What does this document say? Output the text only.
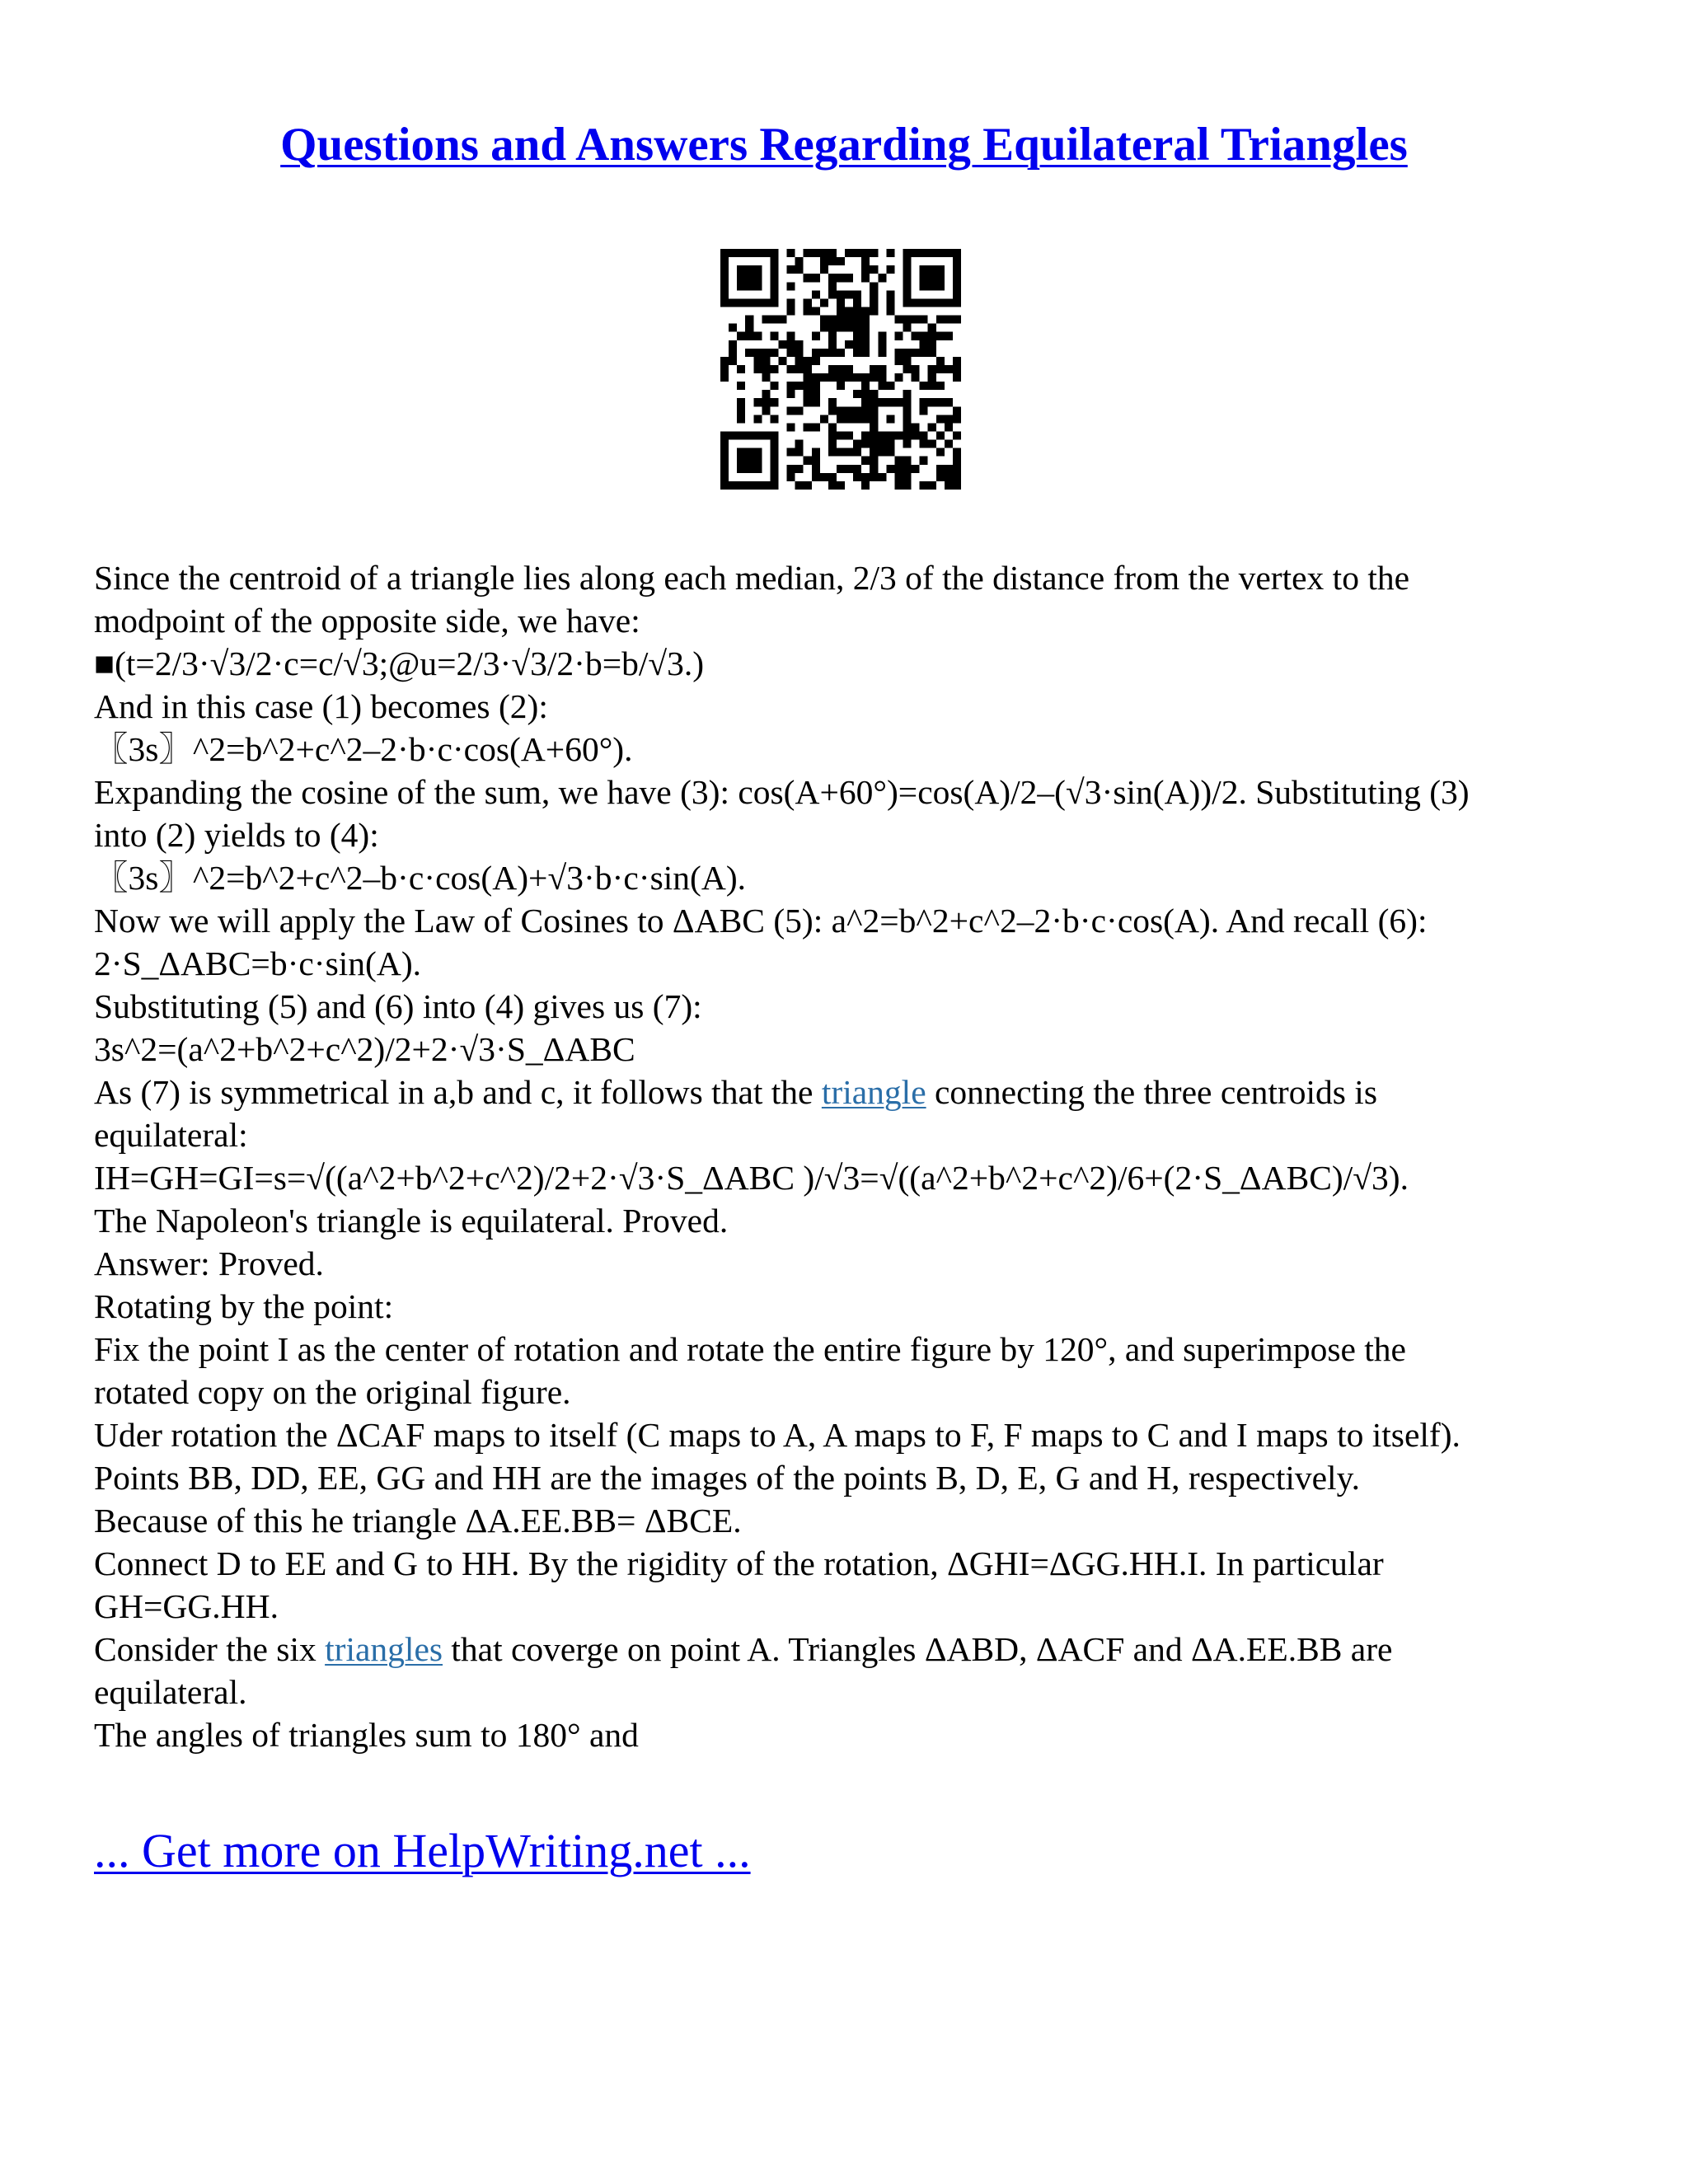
Questions and Answers Regarding Equilateral Triangles
Since the centroid of a triangle lies along each median, 2/3 of the distance from the vertex to the
modpoint of the opposite side, we have:
■(t=2/3·√3/2·c=c/√3;@u=2/3·√3/2·b=b/√3.)
And in this case (1) becomes (2):
〖3s〗^2=b^2+c^2–2·b·c·cos(A+60°).
Expanding the cosine of the sum, we have (3): cos(A+60°)=cos(A)/2–(√3·sin(A))/2. Substituting (3)
into (2) yields to (4):
〖3s〗^2=b^2+c^2–b·c·cos(A)+√3·b·c·sin(A).
Now we will apply the Law of Cosines to ΔABC (5): a^2=b^2+c^2–2·b·c·cos(A). And recall (6):
2·S_ΔABC=b·c·sin(A).
Substituting (5) and (6) into (4) gives us (7):
3s^2=(a^2+b^2+c^2)/2+2·√3·S_ΔABC
As (7) is symmetrical in a,b and c, it follows that the triangle connecting the three centroids is
equilateral:
IH=GH=GI=s=√((a^2+b^2+c^2)/2+2·√3·S_ΔABC )/√3=√((a^2+b^2+c^2)/6+(2·S_ΔABC)/√3).
The Napoleon's triangle is equilateral. Proved.
Answer: Proved.
Rotating by the point:
Fix the point I as the center of rotation and rotate the entire figure by 120°, and superimpose the
rotated copy on the original figure.
Uder rotation the ΔCAF maps to itself (C maps to A, A maps to F, F maps to C and I maps to itself).
Points BB, DD, EE, GG and HH are the images of the points B, D, E, G and H, respectively.
Because of this he triangle ΔA.EE.BB= ΔBCE.
Connect D to EE and G to HH. By the rigidity of the rotation, ΔGHI=ΔGG.HH.I. In particular
GH=GG.HH.
Consider the six triangles that coverge on point A. Triangles ΔABD, ΔACF and ΔA.EE.BB are
equilateral.
The angles of triangles sum to 180° and
... Get more on HelpWriting.net ...
